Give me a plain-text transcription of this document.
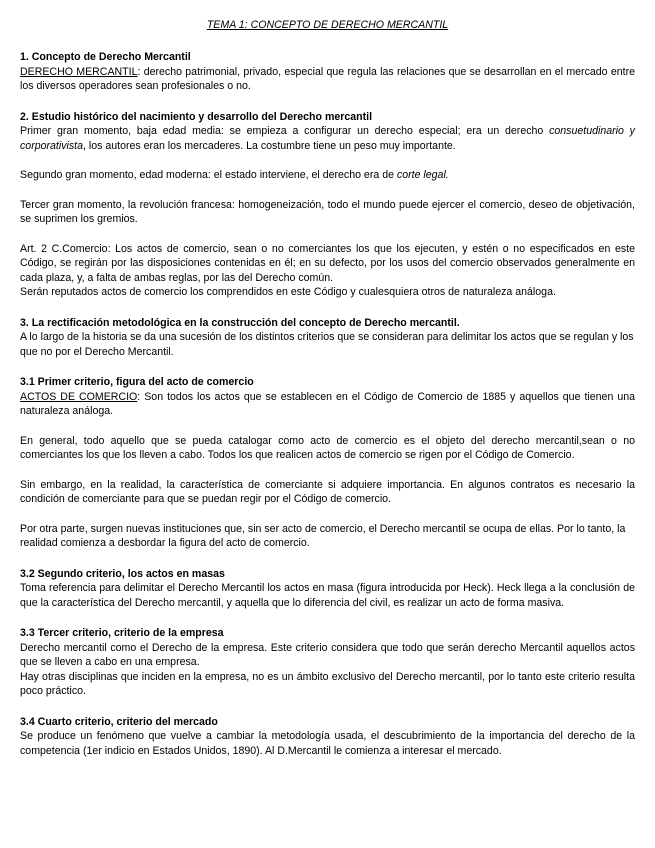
TEMA 1: CONCEPTO DE DERECHO MERCANTIL
1. Concepto de Derecho Mercantil

DERECHO MERCANTIL: derecho patrimonial, privado, especial que regula las relaciones que se desarrollan en el mercado entre los diversos operadores sean profesionales o no.

2. Estudio histórico del nacimiento y desarrollo del Derecho mercantil

Primer gran momento, baja edad media: se empieza a configurar un derecho especial; era un derecho consuetudinario y corporativista, los autores eran los mercaderes. La costumbre tiene un peso muy importante.

Segundo gran momento, edad moderna: el estado interviene, el derecho era de corte legal.

Tercer gran momento, la revolución francesa: homogeneización, todo el mundo puede ejercer el comercio, deseo de objetivación, se suprimen los gremios.

Art. 2 C.Comercio: Los actos de comercio, sean o no comerciantes los que los ejecuten, y estén o no especificados en este Código, se regirán por las disposiciones contenidas en él; en su defecto, por los usos del comercio observados generalmente en cada plaza, y, a falta de ambas reglas, por las del Derecho común.

Serán reputados actos de comercio los comprendidos en este Código y cualesquiera otros de naturaleza análoga.

3. La rectificación metodológica en la construcción del concepto de Derecho mercantil.

A lo largo de la historia se da una sucesión de los distintos criterios que se consideran para delimitar los actos que se regulan y los que no por el Derecho Mercantil.

3.1 Primer criterio, figura del acto de comercio

ACTOS DE COMERCIO: Son todos los actos que se establecen en el Código de Comercio de 1885 y aquellos que tienen una naturaleza análoga.

En general, todo aquello que se pueda catalogar como acto de comercio es el objeto del derecho mercantil,sean o no comerciantes los que los lleven a cabo. Todos los que realicen actos de comercio se rigen por el Código de Comercio.

Sin embargo, en la realidad, la característica de comerciante si adquiere importancia. En algunos contratos es necesario la condición de comerciante para que se puedan regir por el Código de comercio.

Por otra parte, surgen nuevas instituciones que, sin ser acto de comercio, el Derecho mercantil se ocupa de ellas. Por lo tanto, la realidad comienza a desbordar la figura del acto de comercio.

3.2 Segundo criterio, los actos en masas

Toma referencia para delimitar el Derecho Mercantil los actos en masa (figura introducida por Heck). Heck llega a la conclusión de que la característica del Derecho mercantil, y aquella que lo diferencia del civil, es realizar un acto de forma masiva.

3.3 Tercer criterio, criterio de la empresa

Derecho mercantil como el Derecho de la empresa. Este criterio considera que todo que serán derecho Mercantil aquellos actos que se lleven a cabo en una empresa.

Hay otras disciplinas que inciden en la empresa, no es un ámbito exclusivo del Derecho mercantil, por lo tanto este criterio resulta poco práctico.

3.4 Cuarto criterio, criterio del mercado

Se produce un fenómeno que vuelve a cambiar la metodología usada, el descubrimiento de la importancia del derecho de la competencia (1er indicio en Estados Unidos, 1890). Al D.Mercantil le comienza a interesar el mercado.
